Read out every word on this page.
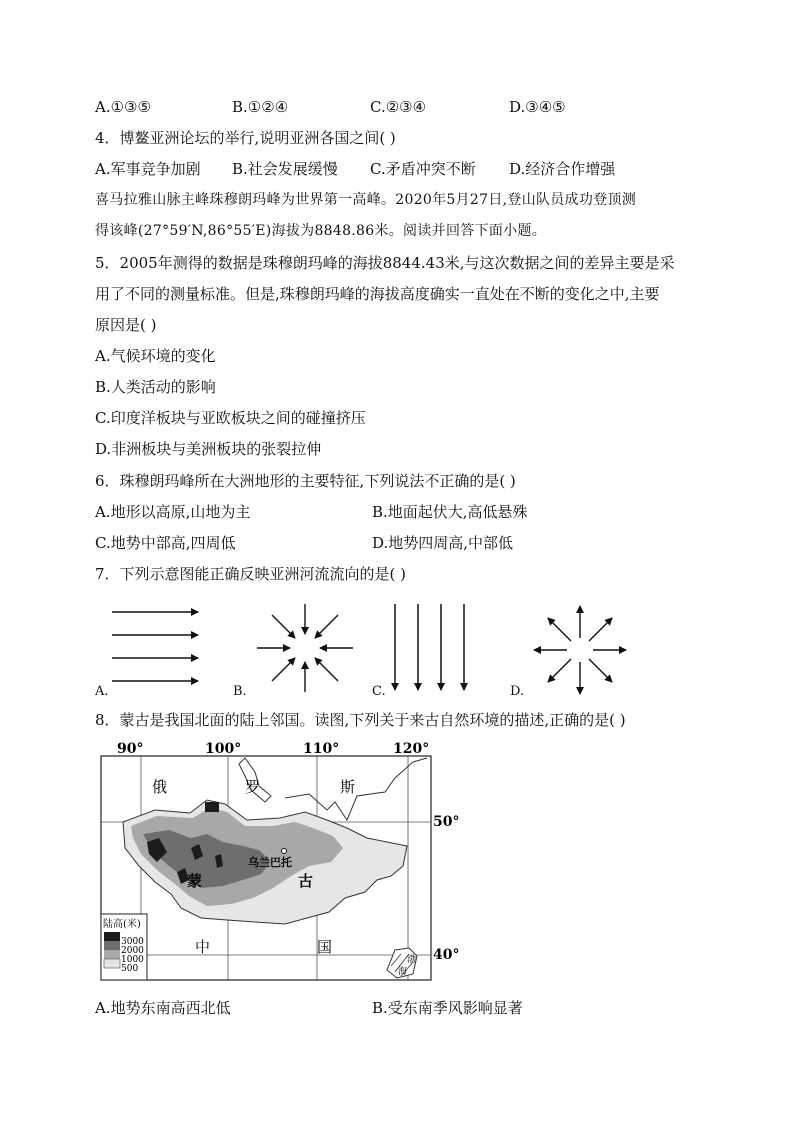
A.①③⑤	B.①②④	C.②③④	D.③④⑤
4．博鳌亚洲论坛的举行,说明亚洲各国之间( )
A.军事竞争加剧 B.社会发展缓慢 C.矛盾冲突不断 D.经济合作增强
喜马拉雅山脉主峰珠穆朗玛峰为世界第一高峰。2020年5月27日,登山队员成功登顶测
得该峰(27°59′N,86°55′E)海拔为8848.86米。阅读并回答下面小题。
5．2005年测得的数据是珠穆朗玛峰的海拔8844.43米,与这次数据之间的差异主要是采
用了不同的测量标准。但是,珠穆朗玛峰的海拔高度确实一直处在不断的变化之中,主要
原因是( )
A.气候环境的变化
B.人类活动的影响
C.印度洋板块与亚欧板块之间的碰撞挤压
D.非洲板块与美洲板块的张裂拉伸
6．珠穆朗玛峰所在大洲地形的主要特征,下列说法不正确的是( )
A.地形以高原,山地为主	B.地面起伏大,高低悬殊
C.地势中部高,四周低	D.地势四周高,中部低
7．下列示意图能正确反映亚洲河流流向的是( )
A.	B.	C.	D.
8．蒙古是我国北面的陆上邻国。读图,下列关于来古自然环境的描述,正确的是( )
90°	100°	110°	120°
乌兰巴托
俄	罗	斯
蒙	古
中	国
渤
海
50°
40°
陆高(米)
3000
2000
1000
500
A.地势东南高西北低	B.受东南季风影响显著
